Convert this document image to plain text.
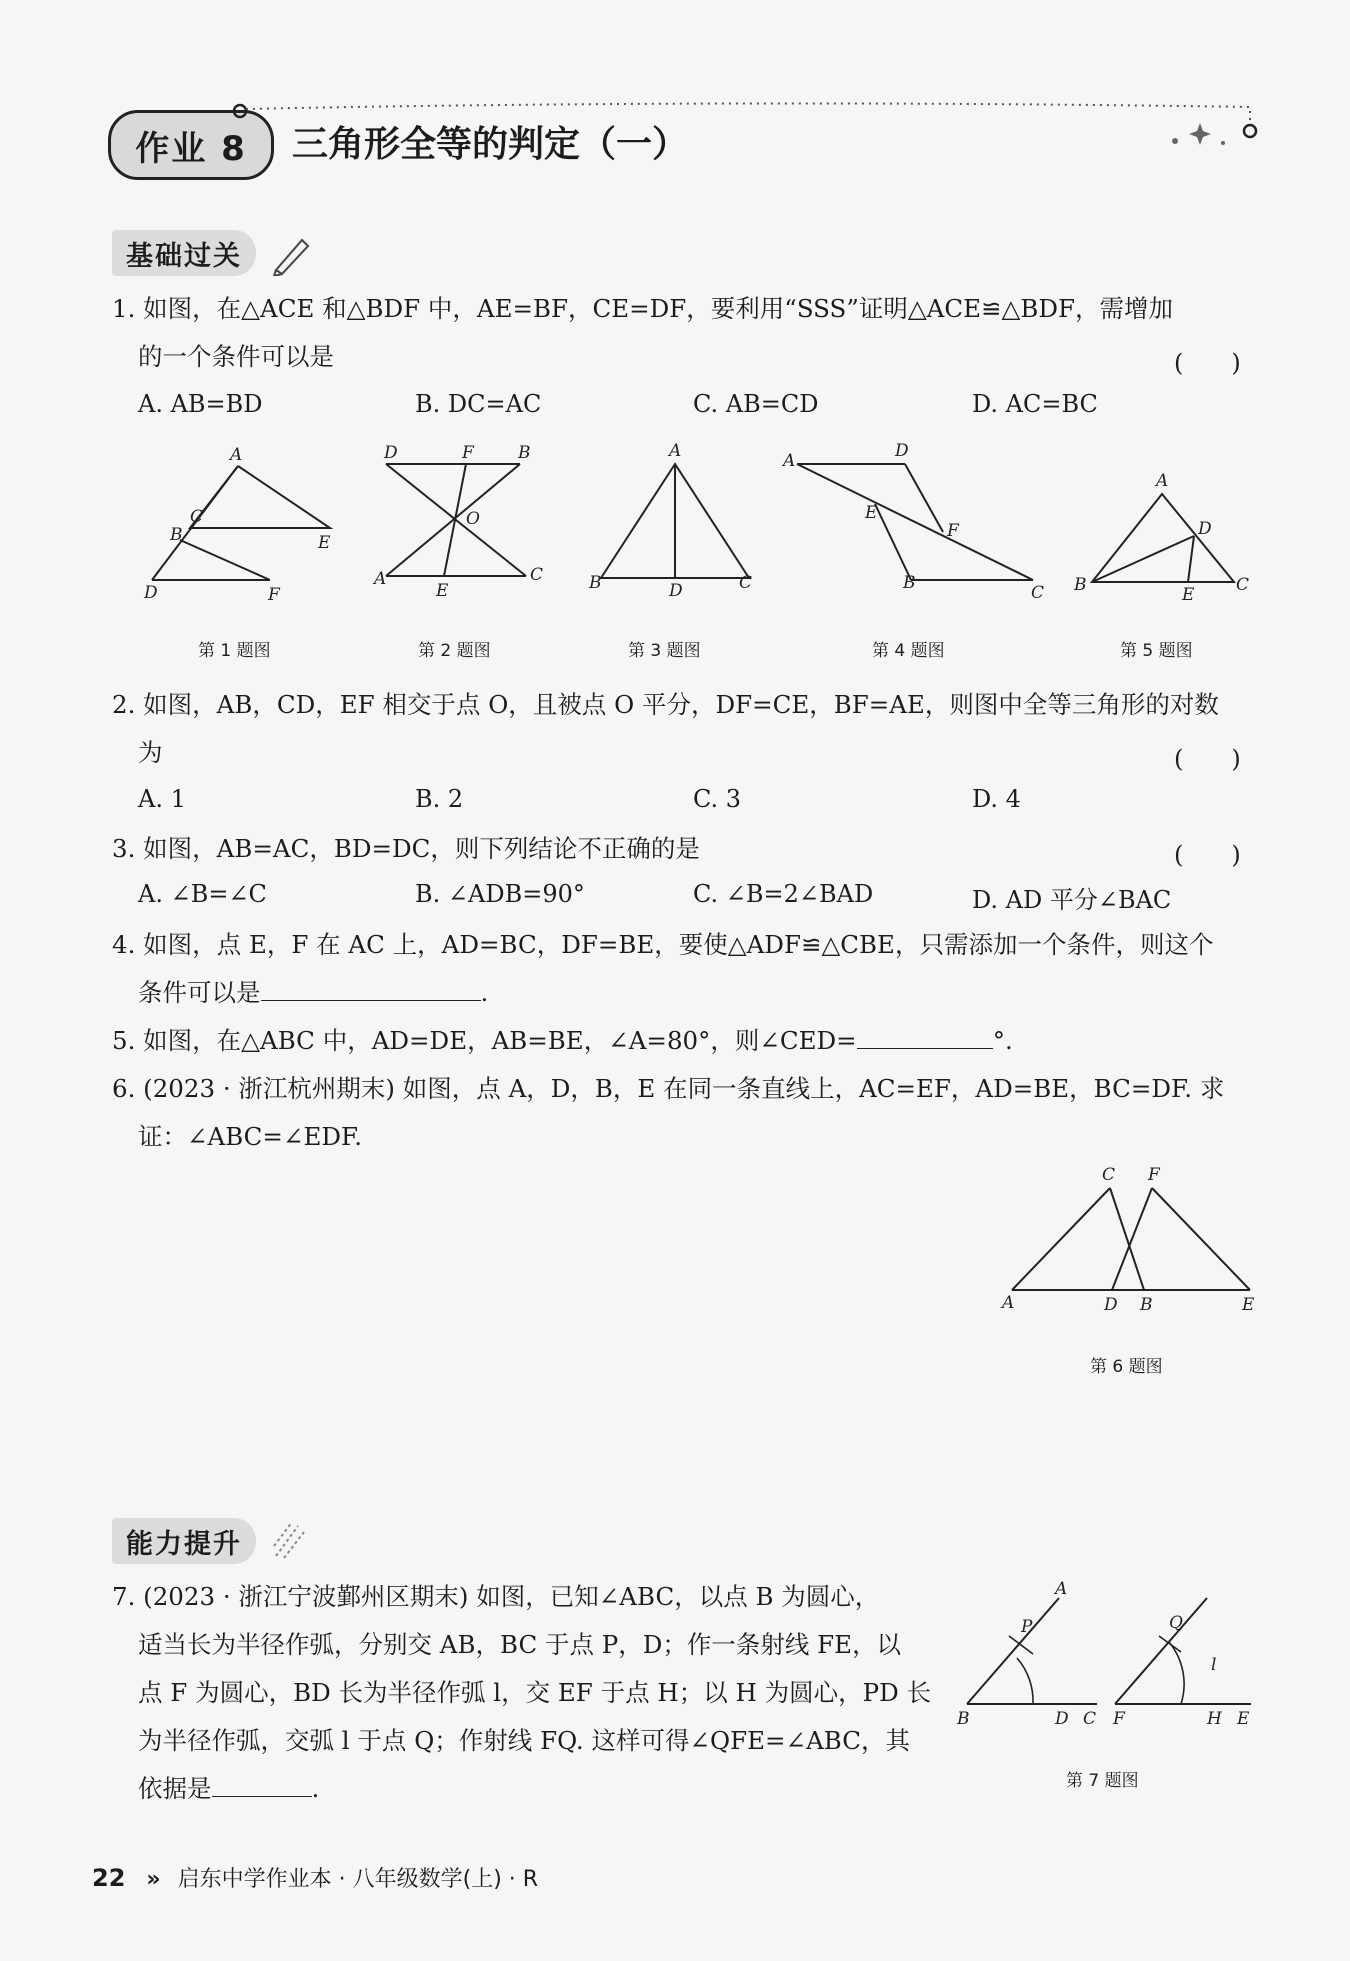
作业 8 三角形全等的判定（一）
基础过关
1. 如图，在△ACE 和△BDF 中，AE=BF，CE=DF，要利用“SSS”证明△ACE≌△BDF，需增加
的一个条件可以是	(　　)
A. AB=BD	B. DC=AC	C. AB=CD	D. AC=BC
A
C
B	E
D	F
第 1 题图
D	F	B
O
A
E
C
第 2 题图
A
B	D	C
第 3 题图
A	D
E
F
B	C
第 4 题图
A
D
B	E C
第 5 题图
2. 如图，AB，CD，EF 相交于点 O，且被点 O 平分，DF=CE，BF=AE，则图中全等三角形的对数
为	(　　)
A. 1	B. 2	C. 3	D. 4
3. 如图，AB=AC，BD=DC，则下列结论不正确的是	(　　)
A. ∠B=∠C	B. ∠ADB=90°	C. ∠B=2∠BAD	D. AD 平分∠BAC
4. 如图，点 E，F 在 AC 上，AD=BC，DF=BE，要使△ADF≌△CBE，只需添加一个条件，则这个
条件可以是	.
5. 如图，在△ABC 中，AD=DE，AB=BE，∠A=80°，则∠CED=	°.
6. (2023 · 浙江杭州期末) 如图，点 A，D，B，E 在同一条直线上，AC=EF，AD=BE，BC=DF. 求
证：∠ABC=∠EDF.
C F
A	D B	E
第 6 题图
能力提升
7. (2023 · 浙江宁波鄞州区期末) 如图，已知∠ABC，以点 B 为圆心，
适当长为半径作弧，分别交 AB，BC 于点 P，D；作一条射线 FE，以
点 F 为圆心，BD 长为半径作弧 l，交 EF 于点 H；以 H 为圆心，PD 长
为半径作弧，交弧 l 于点 Q；作射线 FQ. 这样可得∠QFE=∠ABC，其
依据是	.
A
P
B	D C
Q
l
F	H E
第 7 题图
22 » 启东中学作业本 · 八年级数学(上) · R
